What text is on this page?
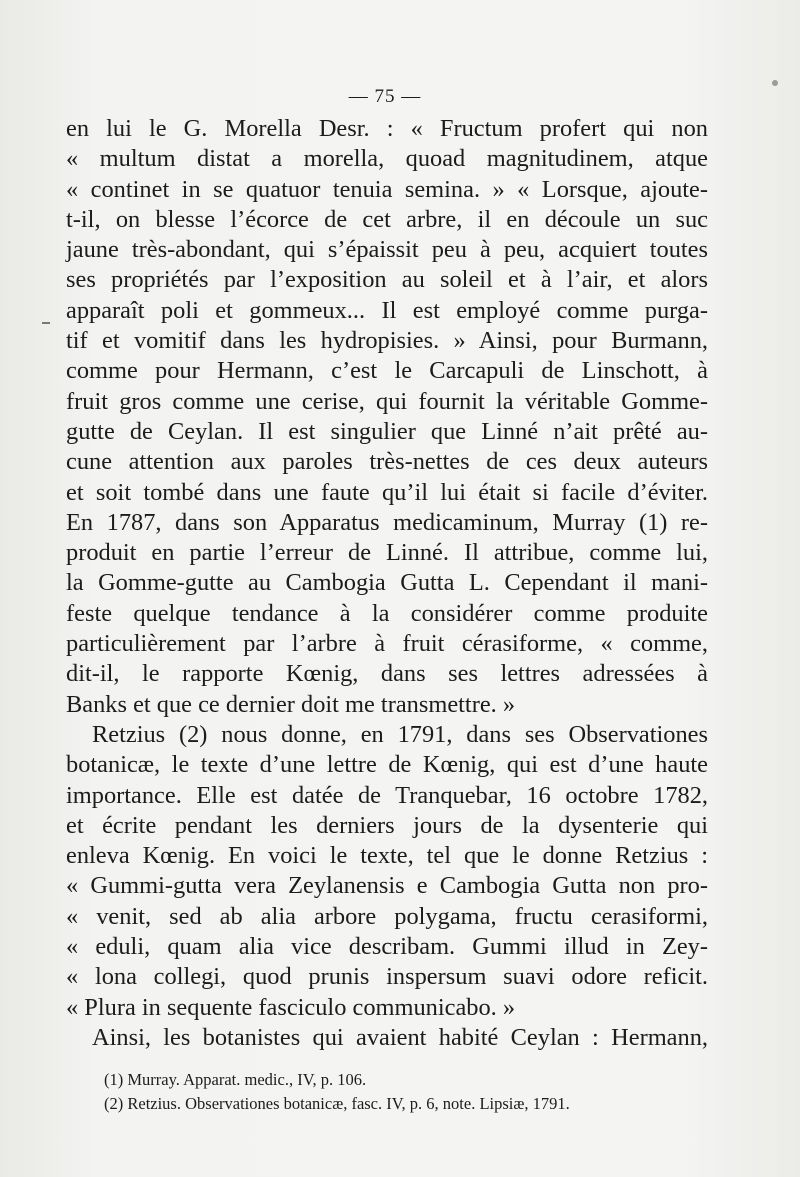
— 75 —
en lui le G. Morella Desr. : « Fructum profert qui non
« multum distat a morella, quoad magnitudinem, atque
« continet in se quatuor tenuia semina. » « Lorsque, ajoute-
t-il, on blesse l’écorce de cet arbre, il en découle un suc
jaune très-abondant, qui s’épaissit peu à peu, acquiert toutes
ses propriétés par l’exposition au soleil et à l’air, et alors
apparaît poli et gommeux... Il est employé comme purga-
tif et vomitif dans les hydropisies. » Ainsi, pour Burmann,
comme pour Hermann, c’est le Carcapuli de Linschott, à
fruit gros comme une cerise, qui fournit la véritable Gomme-
gutte de Ceylan. Il est singulier que Linné n’ait prêté au-
cune attention aux paroles très-nettes de ces deux auteurs
et soit tombé dans une faute qu’il lui était si facile d’éviter.
En 1787, dans son Apparatus medicaminum, Murray (1) re-
produit en partie l’erreur de Linné. Il attribue, comme lui,
la Gomme-gutte au Cambogia Gutta L. Cependant il mani-
feste quelque tendance à la considérer comme produite
particulièrement par l’arbre à fruit cérasiforme, « comme,
dit-il, le rapporte Kœnig, dans ses lettres adressées à
Banks et que ce dernier doit me transmettre. »
Retzius (2) nous donne, en 1791, dans ses Observationes
botanicæ, le texte d’une lettre de Kœnig, qui est d’une haute
importance. Elle est datée de Tranquebar, 16 octobre 1782,
et écrite pendant les derniers jours de la dysenterie qui
enleva Kœnig. En voici le texte, tel que le donne Retzius :
« Gummi-gutta vera Zeylanensis e Cambogia Gutta non pro-
« venit, sed ab alia arbore polygama, fructu cerasiformi,
« eduli, quam alia vice describam. Gummi illud in Zey-
« lona collegi, quod prunis inspersum suavi odore reficit.
« Plura in sequente fasciculo communicabo. »
Ainsi, les botanistes qui avaient habité Ceylan : Hermann,
(1) Murray. Apparat. medic., IV, p. 106.
(2) Retzius. Observationes botanicæ, fasc. IV, p. 6, note. Lipsiæ, 1791.
